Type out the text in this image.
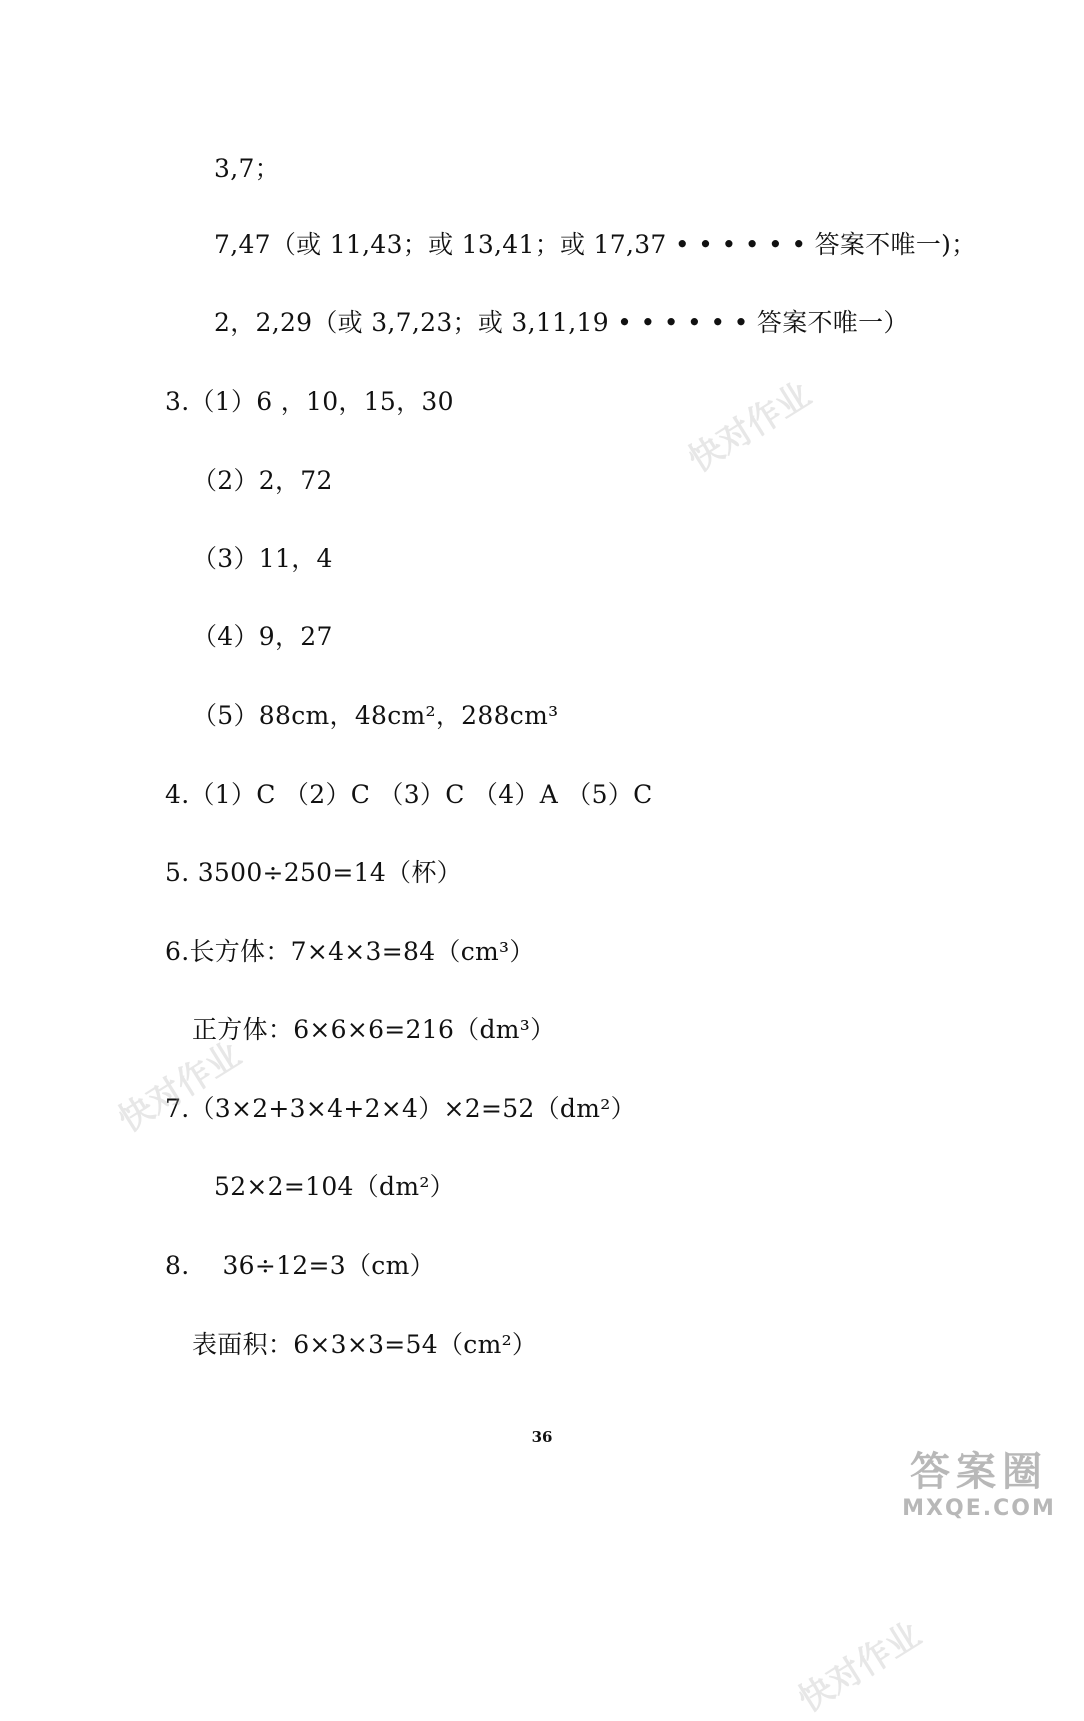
3,7；
7,47（或 11,43；或 13,41；或 17,37 • • • • • • 答案不唯一)；
2，2,29（或 3,7,23；或 3,11,19 • • • • • • 答案不唯一）
3.（1）6 ，10，15，30
（2）2，72
（3）11，4
（4）9，27
（5）88cm，48cm²，288cm³
4.（1）C （2）C （3）C （4）A （5）C
5. 3500÷250=14（杯）
6.长方体：7×4×3=84（cm³）
正方体：6×6×6=216（dm³）
7.（3×2+3×4+2×4）×2=52（dm²）
52×2=104（dm²）
8.    36÷12=3（cm）
表面积：6×3×3=54（cm²）
36
快对作业
快对作业
快对作业
答案圈
MXQE.COM
